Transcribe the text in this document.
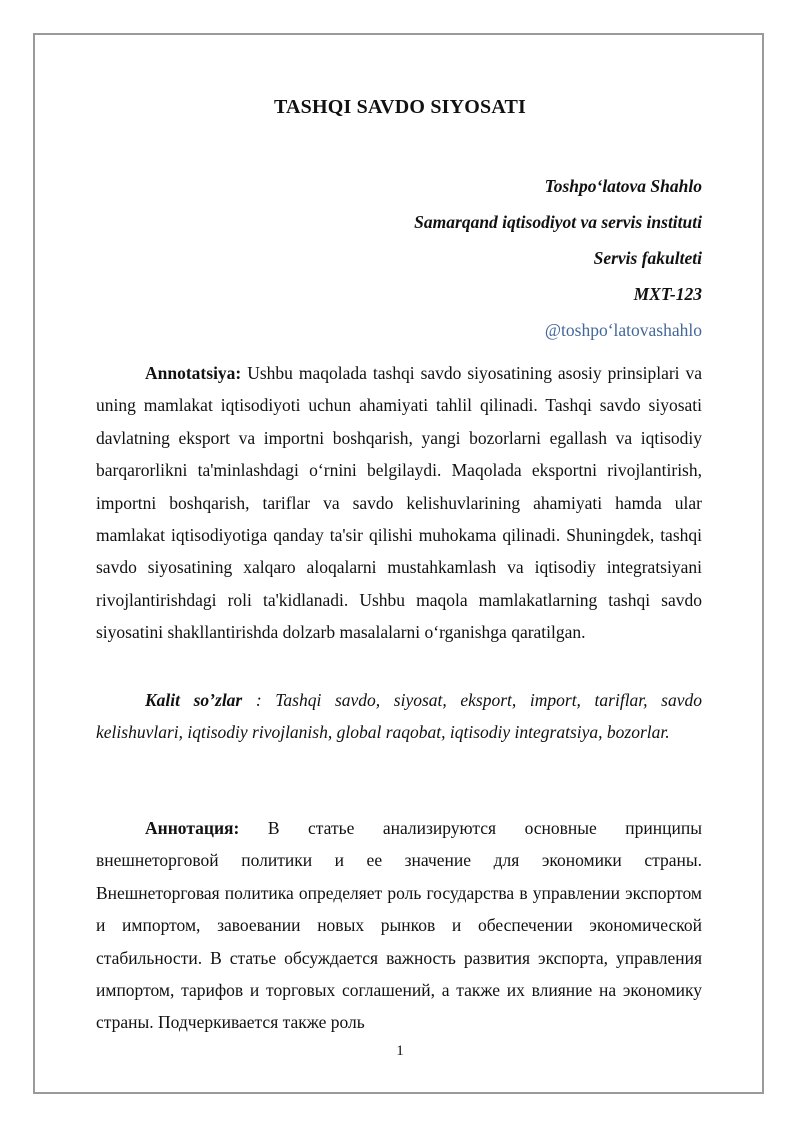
TASHQI SAVDO SIYOSATI
Toshpo‘latova Shahlo
Samarqand iqtisodiyot va servis instituti
Servis fakulteti
MXT-123
@toshpo‘latovashahlo

Annotatsiya: Ushbu maqolada tashqi savdo siyosatining asosiy prinsiplari va uning mamlakat iqtisodiyoti uchun ahamiyati tahlil qilinadi. Tashqi savdo siyosati davlatning eksport va importni boshqarish, yangi bozorlarni egallash va iqtisodiy barqarorlikni ta'minlashdagi o‘rnini belgilaydi. Maqolada eksportni rivojlantirish, importni boshqarish, tariflar va savdo kelishuvlarining ahamiyati hamda ular mamlakat iqtisodiyotiga qanday ta'sir qilishi muhokama qilinadi. Shuningdek, tashqi savdo siyosatining xalqaro aloqalarni mustahkamlash va iqtisodiy integratsiyani rivojlantirishdagi roli ta'kidlanadi. Ushbu maqola mamlakatlarning tashqi savdo siyosatini shakllantirishda dolzarb masalalarni o‘rganishga qaratilgan.

Kalit so’zlar : Tashqi savdo, siyosat, eksport, import, tariflar, savdo kelishuvlari, iqtisodiy rivojlanish, global raqobat, iqtisodiy integratsiya, bozorlar.

Аннотация: В статье анализируются основные принципы внешнеторговой политики и ее значение для экономики страны. Внешнеторговая политика определяет роль государства в управлении экспортом и импортом, завоевании новых рынков и обеспечении экономической стабильности. В статье обсуждается важность развития экспорта, управления импортом, тарифов и торговых соглашений, а также их влияние на экономику страны. Подчеркивается также роль

1
